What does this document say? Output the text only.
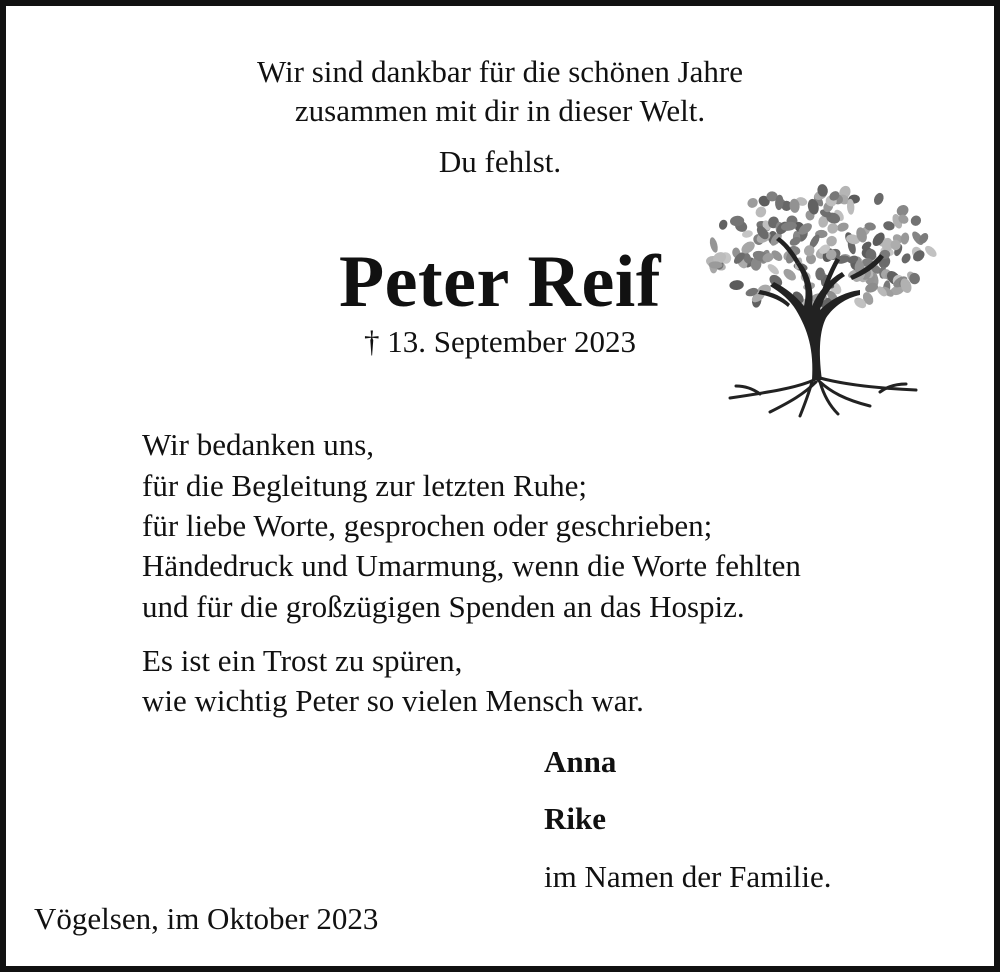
Wir sind dankbar für die schönen Jahre
zusammen mit dir in dieser Welt.
Du fehlst.
Peter Reif
† 13. September 2023
Wir bedanken uns,
für die Begleitung zur letzten Ruhe;
für liebe Worte, gesprochen oder geschrieben;
Händedruck und Umarmung, wenn die Worte fehlten
und für die großzügigen Spenden an das Hospiz.
Es ist ein Trost zu spüren,
wie wichtig Peter so vielen Mensch war.
Anna
Rike
im Namen der Familie.
Vögelsen, im Oktober 2023
